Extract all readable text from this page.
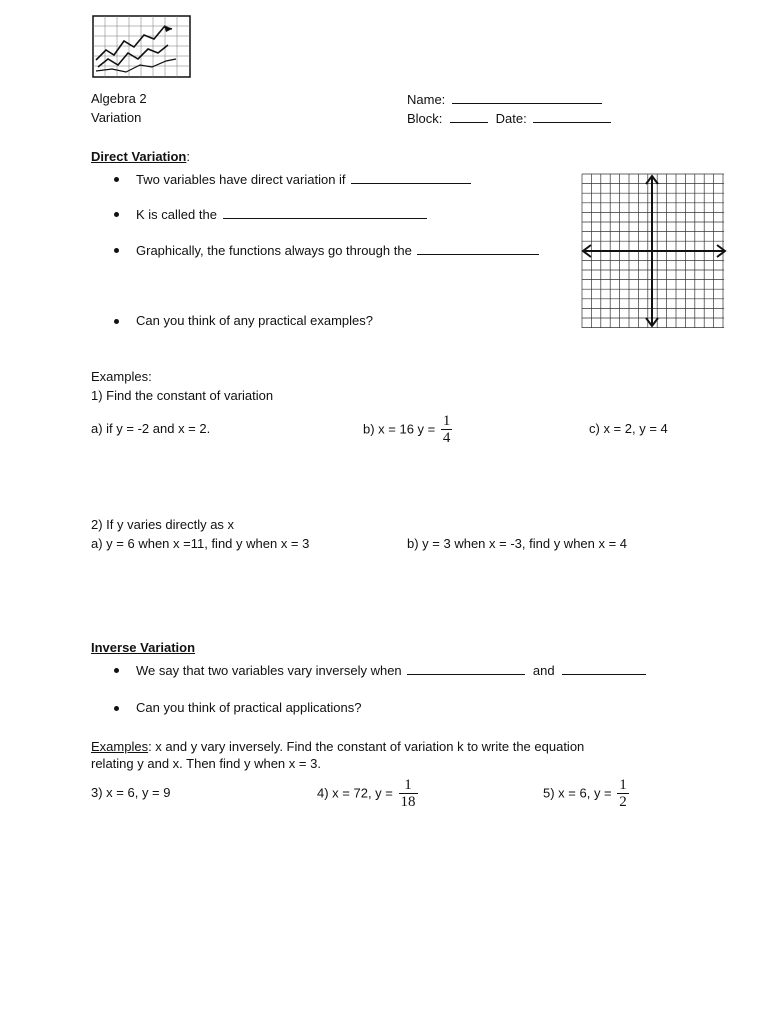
Algebra 2
Variation
Name:
Block:	Date:
Direct Variation:
Two variables have direct variation if
K is called the
Graphically, the functions always go through the
Can you think of any practical examples?
Examples:
1) Find the constant of variation
a) if y = -2 and x = 2.	b) x = 16 $y = \frac{1}{4}$	c) x = 2, y = 4
2) If y varies directly as x
a) y = 6 when x =11, find y when x = 3	b) y = 3 when x = -3, find y when x = 4
Inverse Variation
We say that two variables vary inversely when	and
Can you think of practical applications?
Examples: x and y vary inversely. Find the constant of variation k to write the equation
relating y and x. Then find y when x = 3.
3) x = 6, y = 9	4) x = 72, $y = \frac{1}{18}$	5) x = 6, $y = \frac{1}{2}$
